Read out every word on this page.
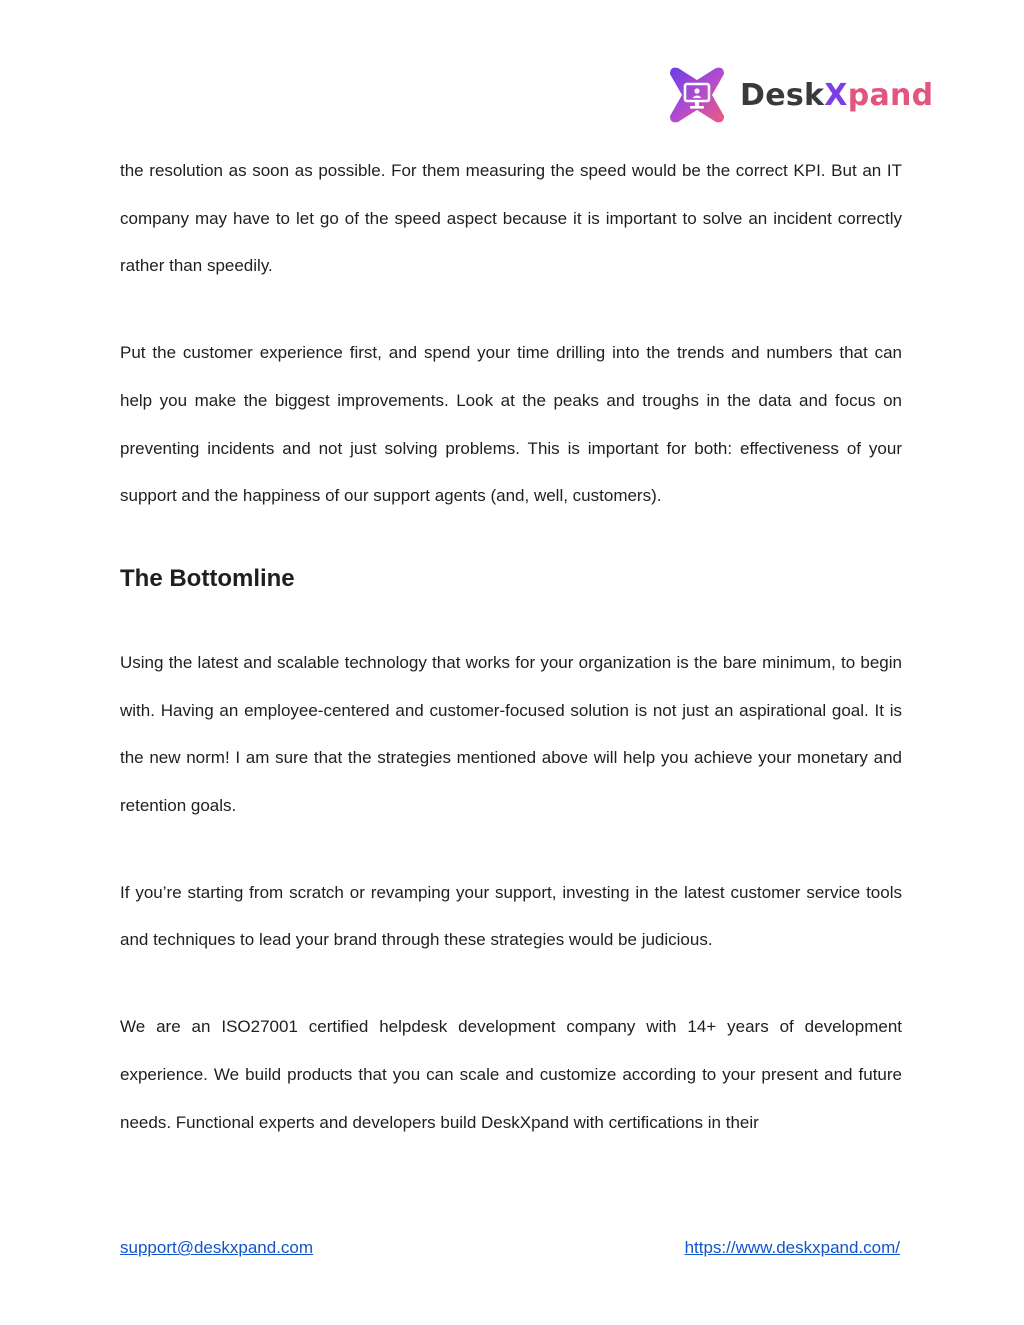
DeskXpand

the resolution as soon as possible. For them measuring the speed would be the correct KPI. But an IT company may have to let go of the speed aspect because it is important to solve an incident correctly rather than speedily.

Put the customer experience first, and spend your time drilling into the trends and numbers that can help you make the biggest improvements. Look at the peaks and troughs in the data and focus on preventing incidents and not just solving problems. This is important for both: effectiveness of your support and the happiness of our support agents (and, well, customers).

The Bottomline

Using the latest and scalable technology that works for your organization is the bare minimum, to begin with. Having an employee-centered and customer-focused solution is not just an aspirational goal. It is the new norm! I am sure that the strategies mentioned above will help you achieve your monetary and retention goals.

If you’re starting from scratch or revamping your support, investing in the latest customer service tools and techniques to lead your brand through these strategies would be judicious.

We are an ISO27001 certified helpdesk development company with 14+ years of development experience. We build products that you can scale and customize according to your present and future needs. Functional experts and developers build DeskXpand with certifications in their

support@deskxpand.com	https://www.deskxpand.com/
